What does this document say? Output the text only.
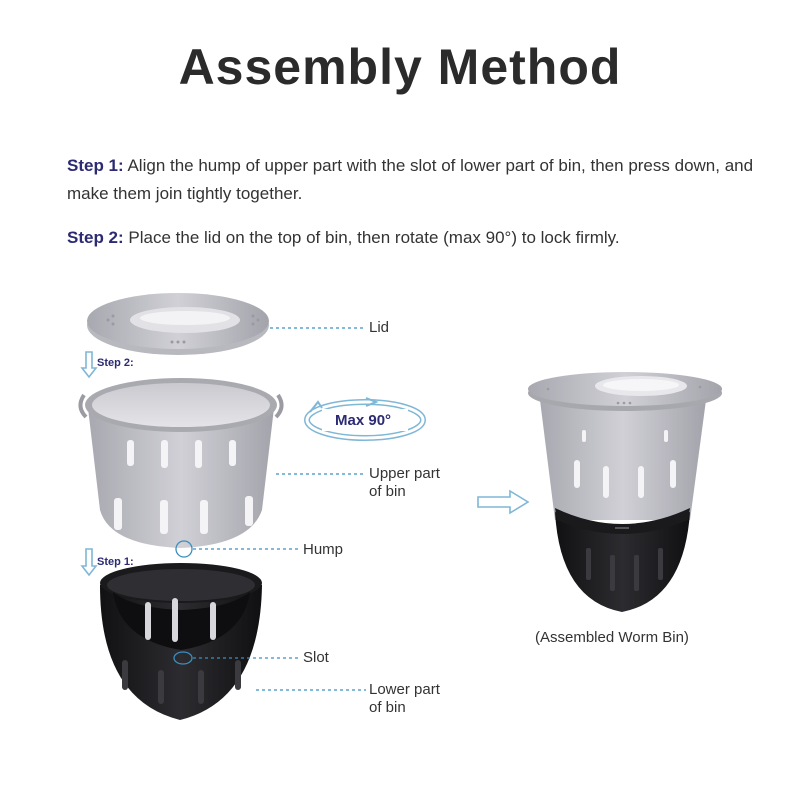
Assembly Method

Step 1: Align the hump of upper part with the slot of lower part of bin, then press down, and make them join tightly together.

Step 2: Place the lid on the top of bin, then rotate (max 90°) to lock firmly.

Step 2:
Step 1:
Max 90°
Lid
Upper part
of bin
Hump
Slot
Lower part
of bin
(Assembled Worm Bin)
